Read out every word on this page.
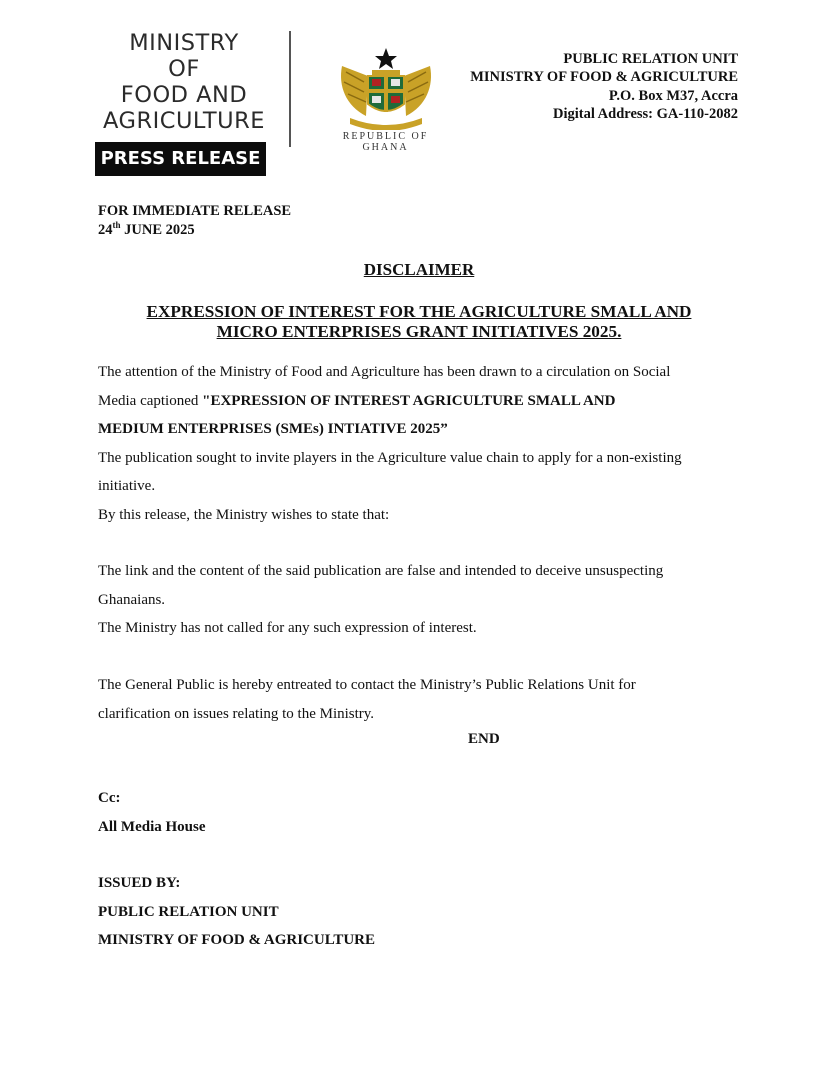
MINISTRY
OF
FOOD AND
AGRICULTURE
REPUBLIC OF GHANA
PRESS RELEASE
PUBLIC RELATION UNIT
MINISTRY OF FOOD & AGRICULTURE
P.O. Box M37, Accra
Digital Address: GA-110-2082
FOR IMMEDIATE RELEASE
24th JUNE 2025
DISCLAIMER
EXPRESSION OF INTEREST FOR THE AGRICULTURE SMALL AND
MICRO ENTERPRISES GRANT INITIATIVES 2025.
The attention of the Ministry of Food and Agriculture has been drawn to a circulation on Social
Media captioned "EXPRESSION OF INTEREST AGRICULTURE SMALL AND
MEDIUM ENTERPRISES (SMEs) INTIATIVE 2025”
The publication sought to invite players in the Agriculture value chain to apply for a non-existing
initiative.
By this release, the Ministry wishes to state that:
The link and the content of the said publication are false and intended to deceive unsuspecting
Ghanaians.
The Ministry has not called for any such expression of interest.
The General Public is hereby entreated to contact the Ministry’s Public Relations Unit for
clarification on issues relating to the Ministry.
END
Cc:
All Media House
ISSUED BY:
PUBLIC RELATION UNIT
MINISTRY OF FOOD & AGRICULTURE
